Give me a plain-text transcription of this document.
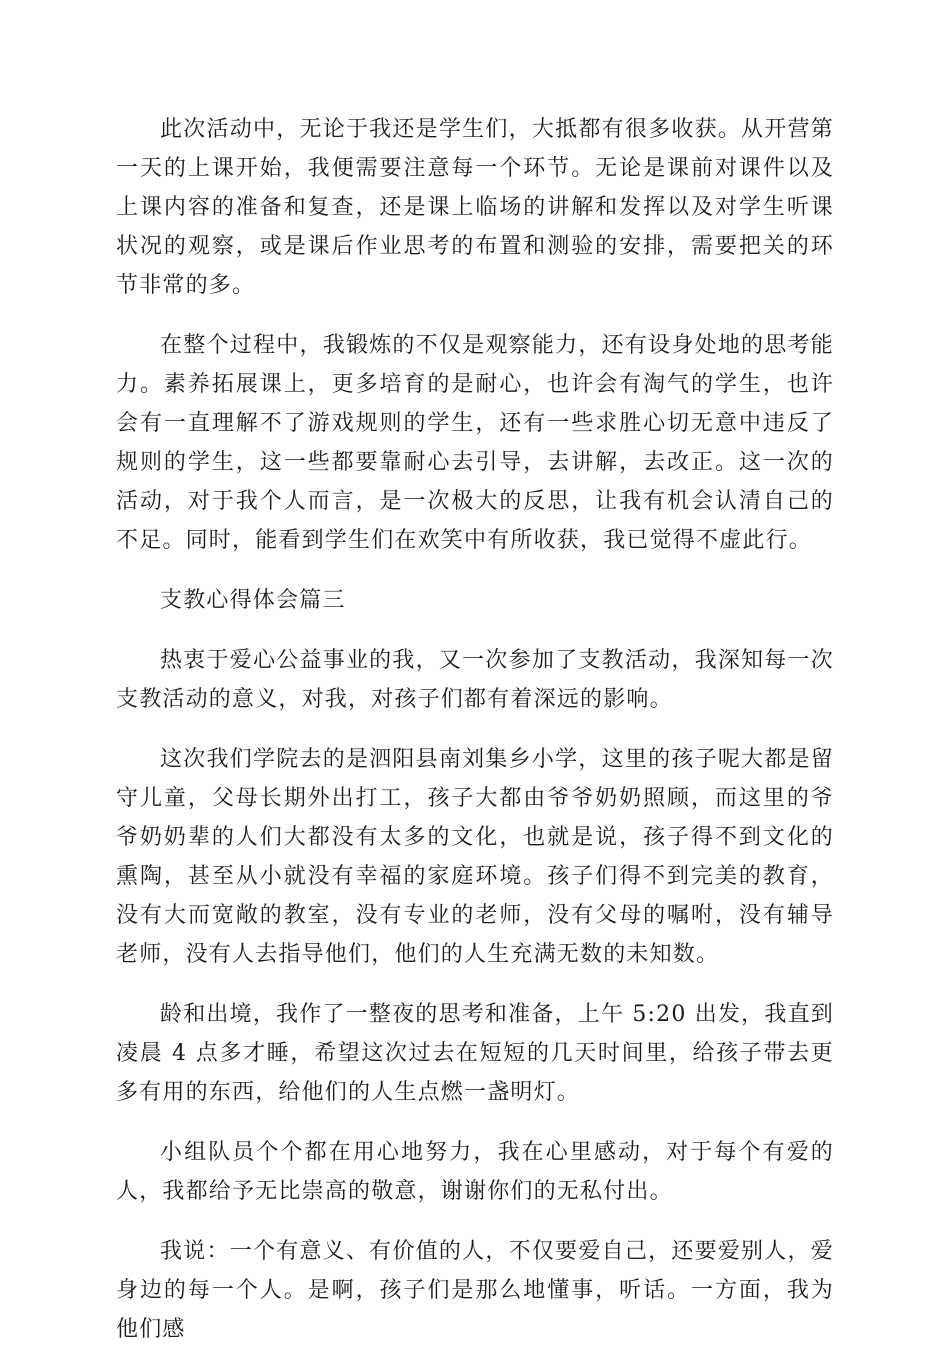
此次活动中，无论于我还是学生们，大抵都有很多收获。从开营第一天的上课开始，我便需要注意每一个环节。无论是课前对课件以及上课内容的准备和复查，还是课上临场的讲解和发挥以及对学生听课状况的观察，或是课后作业思考的布置和测验的安排，需要把关的环节非常的多。

在整个过程中，我锻炼的不仅是观察能力，还有设身处地的思考能力。素养拓展课上，更多培育的是耐心，也许会有淘气的学生，也许会有一直理解不了游戏规则的学生，还有一些求胜心切无意中违反了规则的学生，这一些都要靠耐心去引导，去讲解，去改正。这一次的活动，对于我个人而言，是一次极大的反思，让我有机会认清自己的不足。同时，能看到学生们在欢笑中有所收获，我已觉得不虚此行。

支教心得体会篇三

热衷于爱心公益事业的我，又一次参加了支教活动，我深知每一次支教活动的意义，对我，对孩子们都有着深远的影响。

这次我们学院去的是泗阳县南刘集乡小学，这里的孩子呢大都是留守儿童，父母长期外出打工，孩子大都由爷爷奶奶照顾，而这里的爷爷奶奶辈的人们大都没有太多的文化，也就是说，孩子得不到文化的熏陶，甚至从小就没有幸福的家庭环境。孩子们得不到完美的教育，没有大而宽敞的教室，没有专业的老师，没有父母的嘱咐，没有辅导老师，没有人去指导他们，他们的人生充满无数的未知数。

龄和出境，我作了一整夜的思考和准备，上午 5:20 出发，我直到凌晨 4 点多才睡，希望这次过去在短短的几天时间里，给孩子带去更多有用的东西，给他们的人生点燃一盏明灯。

小组队员个个都在用心地努力，我在心里感动，对于每个有爱的人，我都给予无比崇高的敬意，谢谢你们的无私付出。

我说：一个有意义、有价值的人，不仅要爱自己，还要爱别人，爱身边的每一个人。是啊，孩子们是那么地懂事，听话。一方面，我为他们感
